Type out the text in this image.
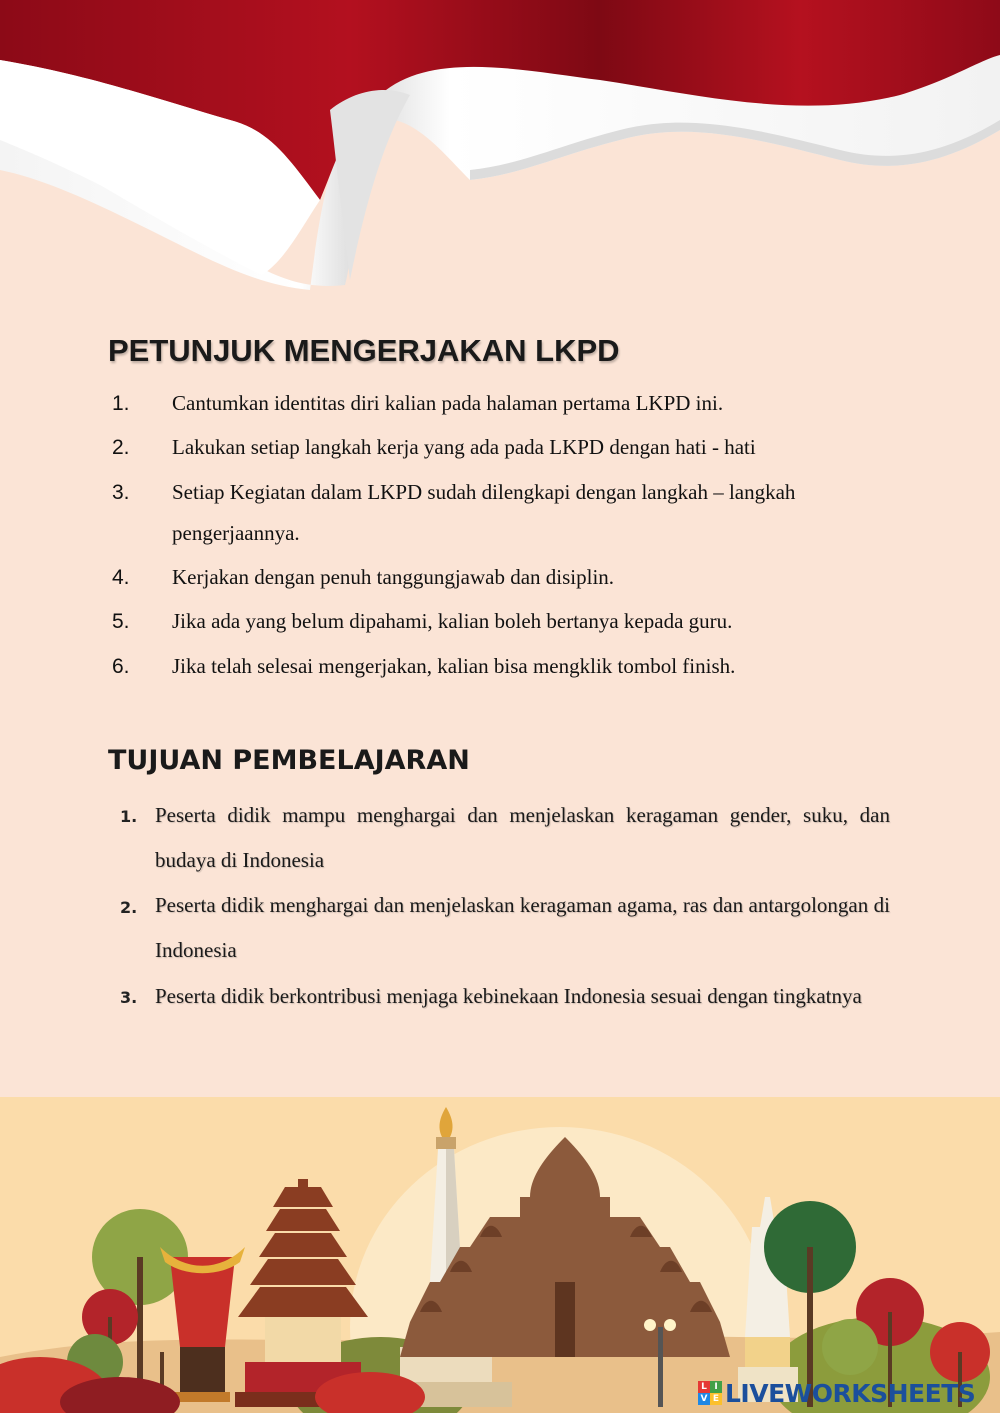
PETUNJUK MENGERJAKAN LKPD
1. Cantumkan identitas diri kalian pada halaman pertama LKPD ini.
2. Lakukan setiap langkah kerja yang ada pada LKPD dengan hati - hati
3. Setiap Kegiatan dalam LKPD sudah dilengkapi dengan langkah – langkah
pengerjaannya.
4. Kerjakan dengan penuh tanggungjawab dan disiplin.
5. Jika ada yang belum dipahami, kalian boleh bertanya kepada guru.
6. Jika telah selesai mengerjakan, kalian bisa mengklik tombol finish.
TUJUAN PEMBELAJARAN
1. Peserta didik mampu menghargai dan menjelaskan keragaman gender, suku, dan budaya di Indonesia
2. Peserta didik menghargai dan menjelaskan keragaman agama, ras dan antargolongan di Indonesia
3. Peserta didik berkontribusi menjaga kebinekaan Indonesia sesuai dengan tingkatnya
L I
V E LIVEWORKSHEETS
